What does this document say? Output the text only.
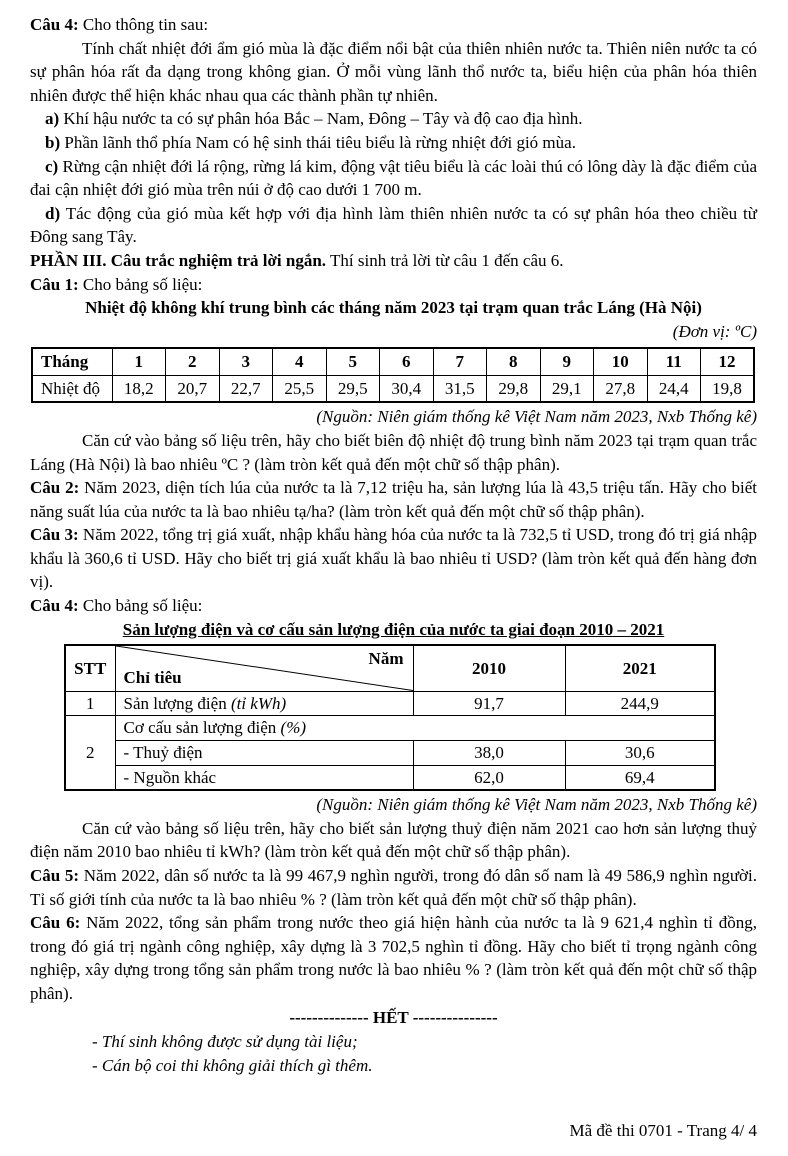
Câu 4: Cho thông tin sau:

Tính chất nhiệt đới ẩm gió mùa là đặc điểm nổi bật của thiên nhiên nước ta. Thiên niên nước ta có sự phân hóa rất đa dạng trong không gian. Ở mỗi vùng lãnh thổ nước ta, biểu hiện của phân hóa thiên nhiên được thể hiện khác nhau qua các thành phần tự nhiên.

a) Khí hậu nước ta có sự phân hóa Bắc – Nam, Đông – Tây và độ cao địa hình.

b) Phần lãnh thổ phía Nam có hệ sinh thái tiêu biểu là rừng nhiệt đới gió mùa.

c) Rừng cận nhiệt đới lá rộng, rừng lá kim, động vật tiêu biểu là các loài thú có lông dày là đặc điểm của đai cận nhiệt đới gió mùa trên núi ở độ cao dưới 1 700 m.

d) Tác động của gió mùa kết hợp với địa hình làm thiên nhiên nước ta có sự phân hóa theo chiều từ Đông sang Tây.

PHẦN III. Câu trắc nghiệm trả lời ngắn. Thí sinh trả lời từ câu 1 đến câu 6.

Câu 1: Cho bảng số liệu:

Nhiệt độ không khí trung bình các tháng năm 2023 tại trạm quan trắc Láng (Hà Nội)

(Đơn vị: ºC)

Tháng	1	2	3	4	5	6	7	8	9	10	11	12
Nhiệt độ	18,2	20,7	22,7	25,5	29,5	30,4	31,5	29,8	29,1	27,8	24,4	19,8

(Nguồn: Niên giám thống kê Việt Nam năm 2023, Nxb Thống kê)

Căn cứ vào bảng số liệu trên, hãy cho biết biên độ nhiệt độ trung bình năm 2023 tại trạm quan trắc Láng (Hà Nội) là bao nhiêu ºC ? (làm tròn kết quả đến một chữ số thập phân).

Câu 2: Năm 2023, diện tích lúa của nước ta là 7,12 triệu ha, sản lượng lúa là 43,5 triệu tấn. Hãy cho biết năng suất lúa của nước ta là bao nhiêu tạ/ha? (làm tròn kết quả đến một chữ số thập phân).

Câu 3: Năm 2022, tổng trị giá xuất, nhập khẩu hàng hóa của nước ta là 732,5 tỉ USD, trong đó trị giá nhập khẩu là 360,6 tỉ USD. Hãy cho biết trị giá xuất khẩu là bao nhiêu tỉ USD? (làm tròn kết quả đến hàng đơn vị).

Câu 4: Cho bảng số liệu:

Sản lượng điện và cơ cấu sản lượng điện của nước ta giai đoạn 2010 – 2021

STT	Năm
Chỉ tiêu	2010	2021
1	Sản lượng điện (tỉ kWh)	91,7	244,9
2	Cơ cấu sản lượng điện (%)		
	- Thuỷ điện	38,0	30,6
	- Nguồn khác	62,0	69,4

(Nguồn: Niên giám thống kê Việt Nam năm 2023, Nxb Thống kê)

Căn cứ vào bảng số liệu trên, hãy cho biết sản lượng thuỷ điện năm 2021 cao hơn sản lượng thuỷ điện năm 2010 bao nhiêu tỉ kWh? (làm tròn kết quả đến một chữ số thập phân).

Câu 5: Năm 2022, dân số nước ta là 99 467,9 nghìn người, trong đó dân số nam là 49 586,9 nghìn người. Tỉ số giới tính của nước ta là bao nhiêu % ? (làm tròn kết quả đến một chữ số thập phân).

Câu 6: Năm 2022, tổng sản phẩm trong nước theo giá hiện hành của nước ta là 9 621,4 nghìn tỉ đồng, trong đó giá trị ngành công nghiệp, xây dựng là 3 702,5 nghìn tỉ đồng. Hãy cho biết tỉ trọng ngành công nghiệp, xây dựng trong tổng sản phẩm trong nước là bao nhiêu % ? (làm tròn kết quả đến một chữ số thập phân).

-------------- HẾT ---------------

- Thí sinh không được sử dụng tài liệu;

- Cán bộ coi thi không giải thích gì thêm.

Mã đề thi 0701 - Trang 4/ 4
